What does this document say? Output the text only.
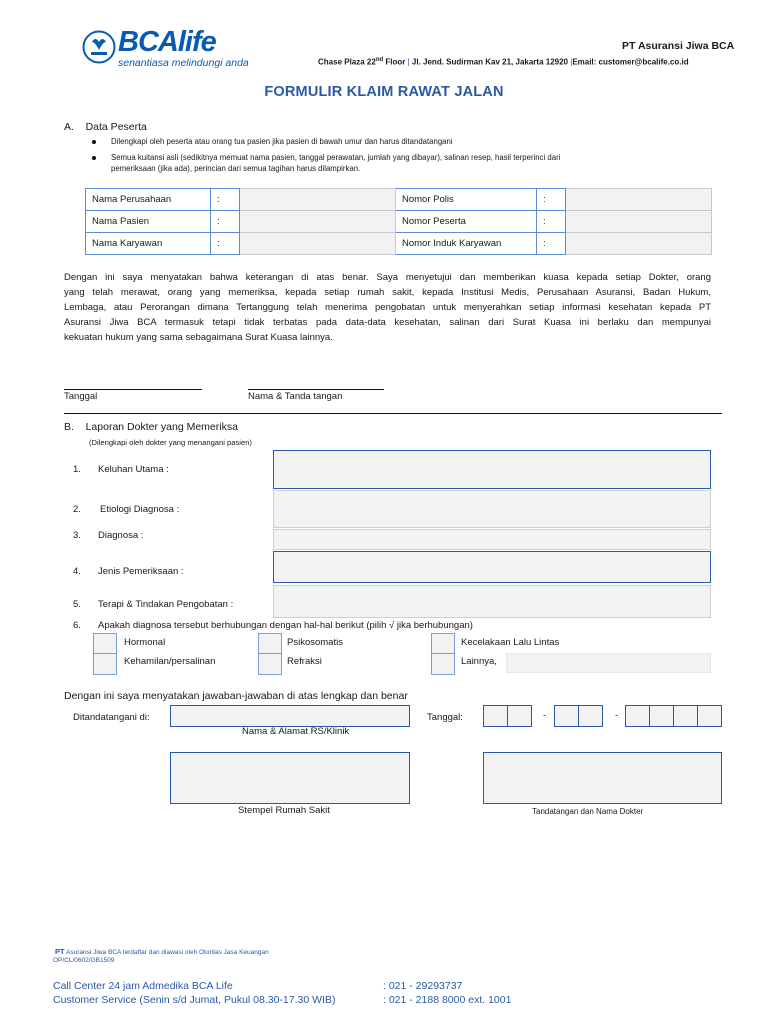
BCAlife
senantiasa melindungi anda
PT Asuransi Jiwa BCA
Chase Plaza 22nd Floor | Jl. Jend. Sudirman Kav 21, Jakarta 12920 |Email: customer@bcalife.co.id
FORMULIR KLAIM RAWAT JALAN
A.    Data Peserta
Dilengkapi oleh peserta atau orang tua pasien jika pasien di bawah umur dan harus ditandatangani
Semua kuitansi asli (sedikitnya memuat nama pasien, tanggal perawatan, jumlah yang dibayar), salinan resep, hasil terperinci dari
pemeriksaan (jika ada), perincian dari semua tagihan harus dilampirkan.
Nama Perusahaan	:		Nomor Polis	:	
Nama Pasien	:		Nomor Peserta	:	
Nama Karyawan	:		Nomor Induk Karyawan	:	
Dengan ini saya menyatakan bahwa keterangan di atas benar. Saya menyetujui dan memberikan kuasa kepada setiap Dokter, orang
yang telah merawat, orang yang memeriksa, kepada setiap rumah sakit, kepada Institusi Medis, Perusahaan Asuransi, Badan Hukum,
Lembaga, atau Perorangan dimana Tertanggung telah menerima pengobatan untuk menyerahkan setiap informasi kesehatan kepada PT
Asuransi Jiwa BCA termasuk tetapi tidak terbatas pada data-data kesehatan, salinan dari Surat Kuasa ini berlaku dan mempunyai
kekuatan hukum yang sama sebagaimana Surat Kuasa lainnya.
Tanggal	Nama & Tanda tangan
B.    Laporan Dokter yang Memeriksa
(Dilengkapi oleh dokter yang menangani pasien)
1. Keluhan Utama :
2. Etiologi Diagnosa :
3. Diagnosa :
4. Jenis Pemeriksaan :
5. Terapi & Tindakan Pengobatan :
6. Apakah diagnosa tersebut berhubungan dengan hal-hal berikut (pilih √ jika berhubungan)
Hormonal	Psikosomatis	Kecelakaan Lalu Lintas
Kehamilan/persalinan	Refraksi	Lainnya,
Dengan ini saya menyatakan jawaban-jawaban di atas lengkap dan benar
Ditandatangani di:
Nama & Alamat RS/Klinik
Tanggal:	-	-
Stempel Rumah Sakit	Tandatangan dan Nama Dokter
PT Asuransi Jiwa BCA terdaftar dan diawasi oleh Otoritas Jasa Keuangan
OP/CL/0602/GB1509
Call Center 24 jam Admedika BCA Life	: 021 - 29293737
Customer Service (Senin s/d Jumat, Pukul 08.30-17.30 WIB)	: 021 - 2188 8000 ext. 1001
